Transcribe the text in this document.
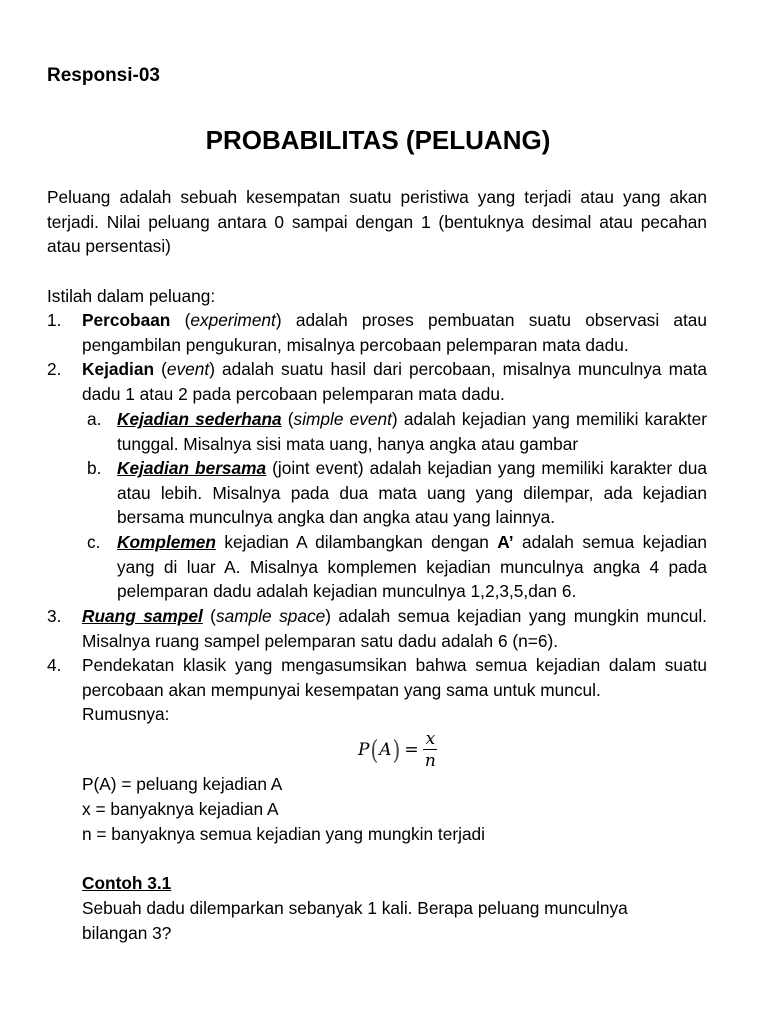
Responsi-03
PROBABILITAS (PELUANG)
Peluang adalah sebuah kesempatan suatu peristiwa yang terjadi atau yang akan terjadi. Nilai peluang antara 0 sampai dengan 1 (bentuknya desimal atau pecahan atau persentasi)
Istilah dalam peluang:
1. Percobaan (experiment) adalah proses pembuatan suatu observasi atau pengambilan pengukuran, misalnya percobaan pelemparan mata dadu.
2. Kejadian (event) adalah suatu hasil dari percobaan, misalnya munculnya mata dadu 1 atau 2 pada percobaan pelemparan mata dadu.
a. Kejadian sederhana (simple event) adalah kejadian yang memiliki karakter tunggal. Misalnya sisi mata uang, hanya angka atau gambar
b. Kejadian bersama (joint event) adalah kejadian yang memiliki karakter dua atau lebih. Misalnya pada dua mata uang yang dilempar, ada kejadian bersama munculnya angka dan angka atau yang lainnya.
c. Komplemen kejadian A dilambangkan dengan A’ adalah semua kejadian yang di luar A. Misalnya komplemen kejadian munculnya angka 4 pada pelemparan dadu adalah kejadian munculnya 1,2,3,5,dan 6.
3. Ruang sampel (sample space) adalah semua kejadian yang mungkin muncul. Misalnya ruang sampel pelemparan satu dadu adalah 6 (n=6).
4. Pendekatan klasik yang mengasumsikan bahwa semua kejadian dalam suatu percobaan akan mempunyai kesempatan yang sama untuk muncul.
Rumusnya:
P ( A ) = $\frac{x}{n}$
P(A) = peluang kejadian A
x = banyaknya kejadian A
n = banyaknya semua kejadian yang mungkin terjadi
Contoh 3.1
Sebuah dadu dilemparkan sebanyak 1 kali. Berapa peluang munculnya bilangan 3?
